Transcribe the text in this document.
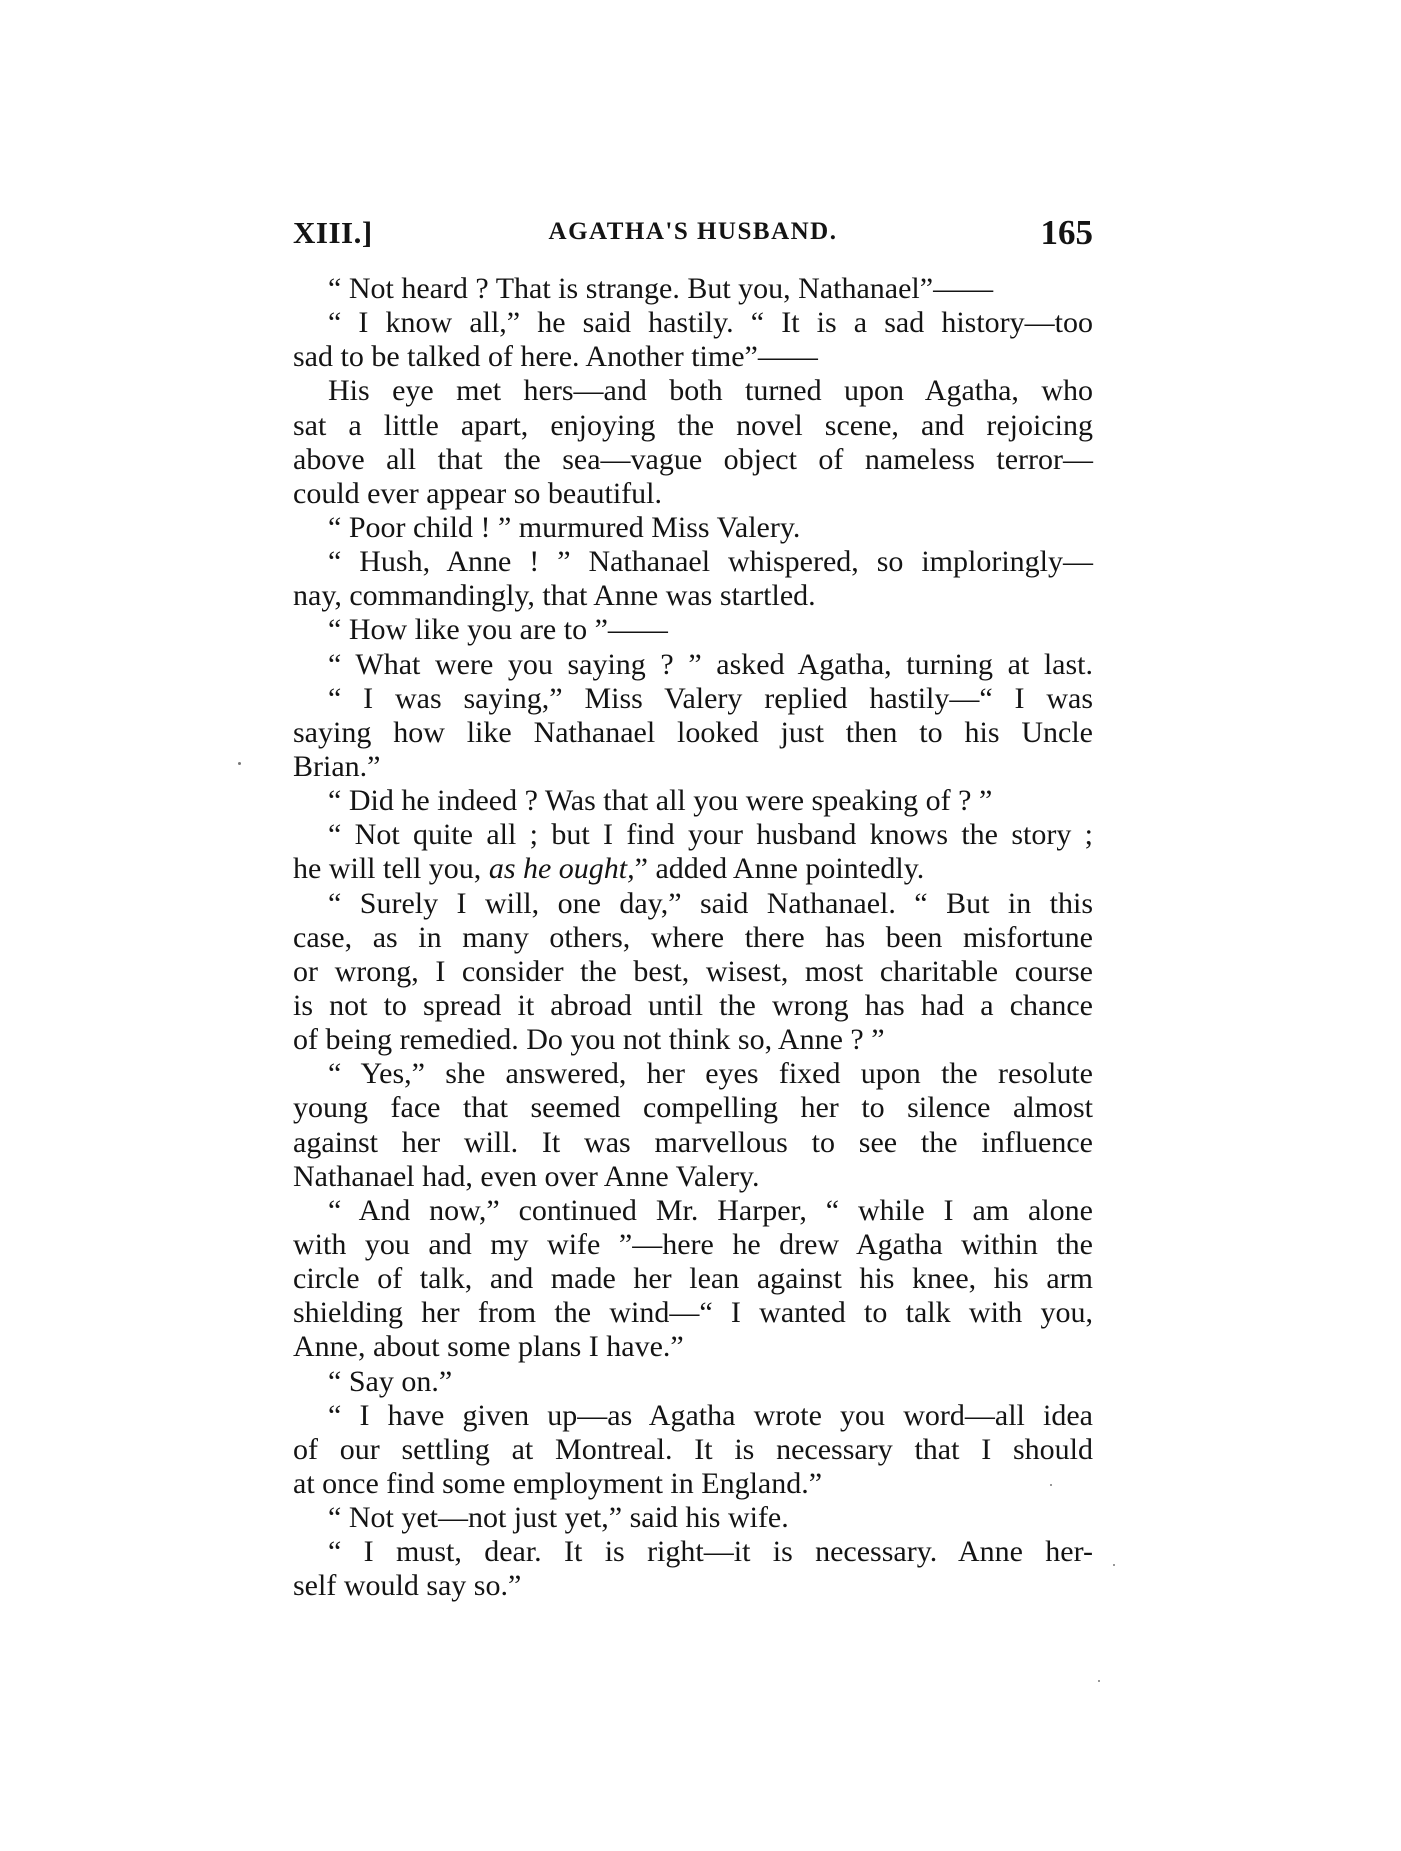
XIII.]	AGATHA'S HUSBAND.	165
“ Not heard ? That is strange. But you, Nathanael”——
“ I know all,” he said hastily. “ It is a sad history—too
sad to be talked of here. Another time”——
His eye met hers—and both turned upon Agatha, who
sat a little apart, enjoying the novel scene, and rejoicing
above all that the sea—vague object of nameless terror—
could ever appear so beautiful.
“ Poor child ! ” murmured Miss Valery.
“ Hush, Anne ! ” Nathanael whispered, so imploringly—
nay, commandingly, that Anne was startled.
“ How like you are to ”——
“ What were you saying ? ” asked Agatha, turning at last.
“ I was saying,” Miss Valery replied hastily—“ I was
saying how like Nathanael looked just then to his Uncle
Brian.”
“ Did he indeed ? Was that all you were speaking of ? ”
“ Not quite all ; but I find your husband knows the story ;
he will tell you, as he ought,” added Anne pointedly.
“ Surely I will, one day,” said Nathanael. “ But in this
case, as in many others, where there has been misfortune
or wrong, I consider the best, wisest, most charitable course
is not to spread it abroad until the wrong has had a chance
of being remedied. Do you not think so, Anne ? ”
“ Yes,” she answered, her eyes fixed upon the resolute
young face that seemed compelling her to silence almost
against her will. It was marvellous to see the influence
Nathanael had, even over Anne Valery.
“ And now,” continued Mr. Harper, “ while I am alone
with you and my wife ”—here he drew Agatha within the
circle of talk, and made her lean against his knee, his arm
shielding her from the wind—“ I wanted to talk with you,
Anne, about some plans I have.”
“ Say on.”
“ I have given up—as Agatha wrote you word—all idea
of our settling at Montreal. It is necessary that I should
at once find some employment in England.”
“ Not yet—not just yet,” said his wife.
“ I must, dear. It is right—it is necessary. Anne her-
self would say so.”
